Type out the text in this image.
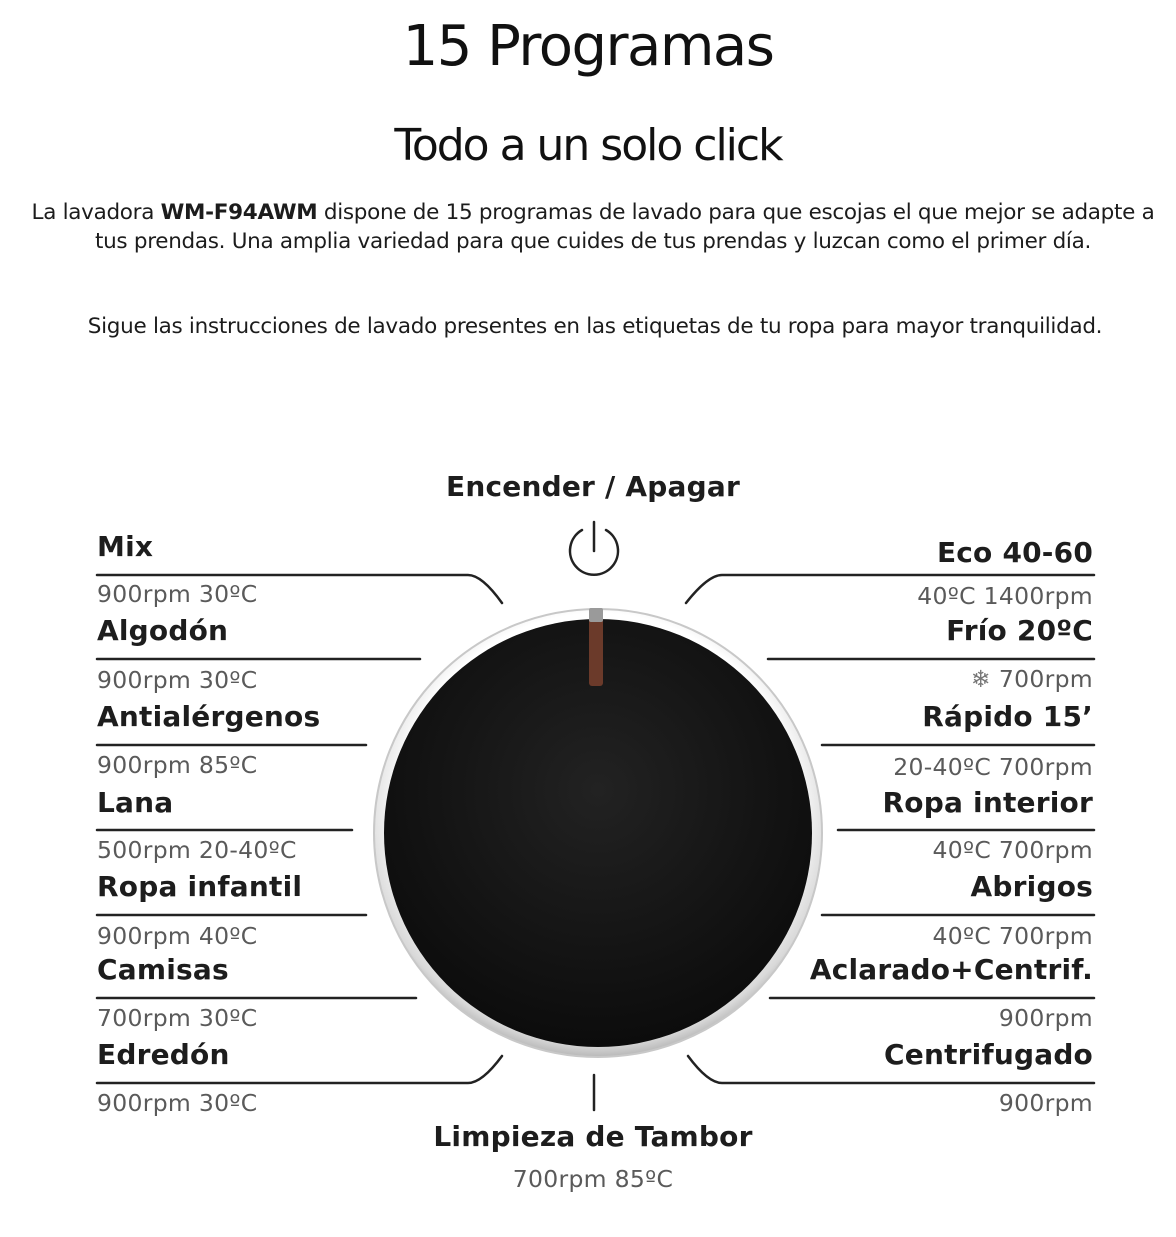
15 Programas
Todo a un solo click

La lavadora WM-F94AWM dispone de 15 programas de lavado para que escojas el que mejor se adapte a tus prendas. Una amplia variedad para que cuides de tus prendas y luzcan como el primer día.

Sigue las instrucciones de lavado presentes en las etiquetas de tu ropa para mayor tranquilidad.

Encender / Apagar
Mix
900rpm 30ºC
Algodón
900rpm 30ºC
Antialérgenos
900rpm 85ºC
Lana
500rpm 20-40ºC
Ropa infantil
900rpm 40ºC
Camisas
700rpm 30ºC
Edredón
900rpm 30ºC
Eco 40-60
40ºC 1400rpm
Frío 20ºC
❄ 700rpm
Rápido 15’
20-40ºC 700rpm
Ropa interior
40ºC 700rpm
Abrigos
40ºC 700rpm
Aclarado+Centrif.
900rpm
Centrifugado
900rpm
Limpieza de Tambor
700rpm 85ºC
